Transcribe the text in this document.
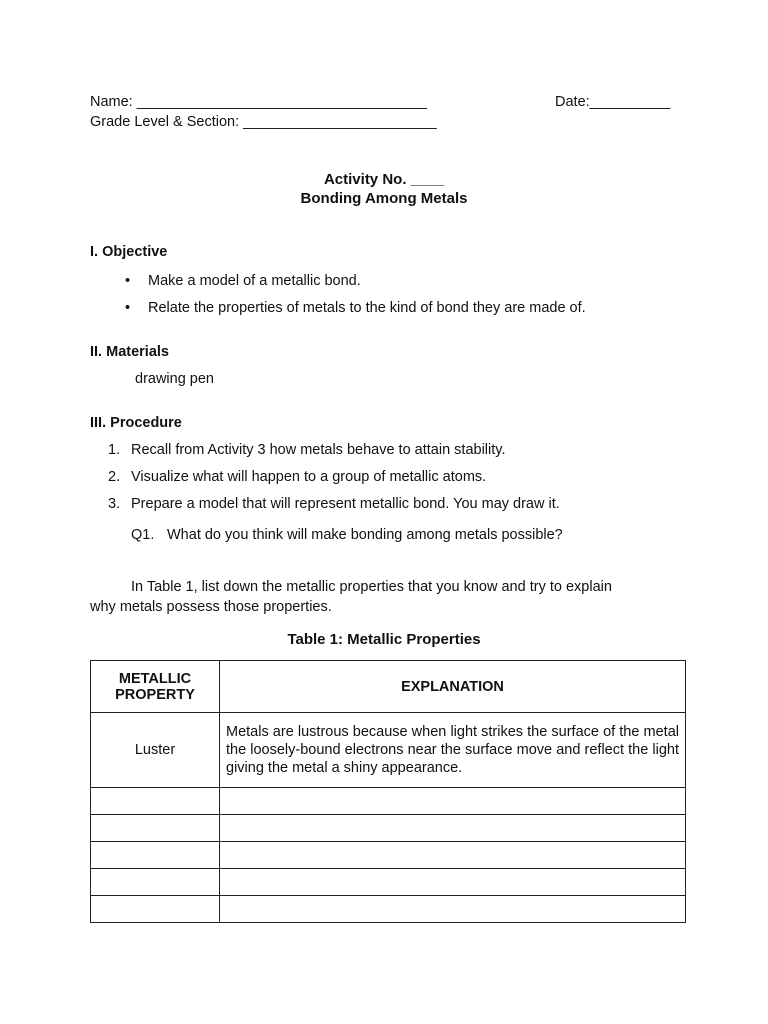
Name: ____________________________________	Date:__________
Grade Level & Section: ________________________
Activity No. ____
Bonding Among Metals
I. Objective
• Make a model of a metallic bond.
• Relate the properties of metals to the kind of bond they are made of.
II. Materials
drawing pen
III. Procedure
1. Recall from Activity 3 how metals behave to attain stability.
2. Visualize what will happen to a group of metallic atoms.
3. Prepare a model that will represent metallic bond. You may draw it.
Q1. What do you think will make bonding among metals possible?
In Table 1, list down the metallic properties that you know and try to explain
why metals possess those properties.
Table 1: Metallic Properties
METALLIC
PROPERTY	EXPLANATION
Luster	Metals are lustrous because when light strikes the surface of the metal the loosely-bound electrons near the surface move and reflect the light giving the metal a shiny appearance.
